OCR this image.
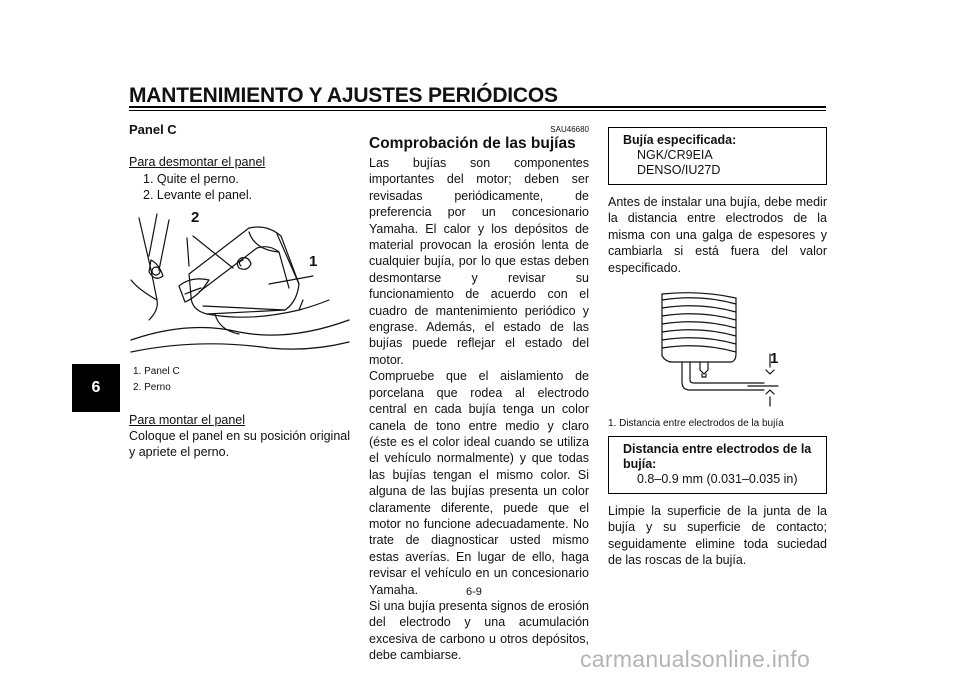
MANTENIMIENTO Y AJUSTES PERIÓDICOS
6
Panel C
Para desmontar el panel
1. Quite el perno.
2. Levante el panel.
2
1
1. Panel C
2. Perno
Para montar el panel
Coloque el panel en su posición original y apriete el perno.
SAU46680
Comprobación de las bujías
Las bujías son componentes importantes del motor; deben ser revisadas periódicamente, de preferencia por un concesionario Yamaha. El calor y los depósitos de material provocan la erosión lenta de cualquier bujía, por lo que estas deben desmontarse y revisar su funcionamiento de acuerdo con el cuadro de mantenimiento periódico y engrase. Además, el estado de las bujías puede reflejar el estado del motor.
Compruebe que el aislamiento de porcelana que rodea al electrodo central en cada bujía tenga un color canela de tono entre medio y claro (éste es el color ideal cuando se utiliza el vehículo normalmente) y que todas las bujías tengan el mismo color. Si alguna de las bujías presenta un color claramente diferente, puede que el motor no funcione adecuadamente. No trate de diagnosticar usted mismo estas averías. En lugar de ello, haga revisar el vehículo en un concesionario Yamaha.
Si una bujía presenta signos de erosión del electrodo y una acumulación excesiva de carbono u otros depósitos, debe cambiarse.
Bujía especificada:
NGK/CR9EIA
DENSO/IU27D
Antes de instalar una bujía, debe medir la distancia entre electrodos de la misma con una galga de espesores y cambiarla si está fuera del valor especificado.
1
1. Distancia entre electrodos de la bujía
Distancia entre electrodos de la
bujía:
0.8–0.9 mm (0.031–0.035 in)
Limpie la superficie de la junta de la bujía y su superficie de contacto; seguidamente elimine toda suciedad de las roscas de la bujía.
6-9
carmanualsonline.info
